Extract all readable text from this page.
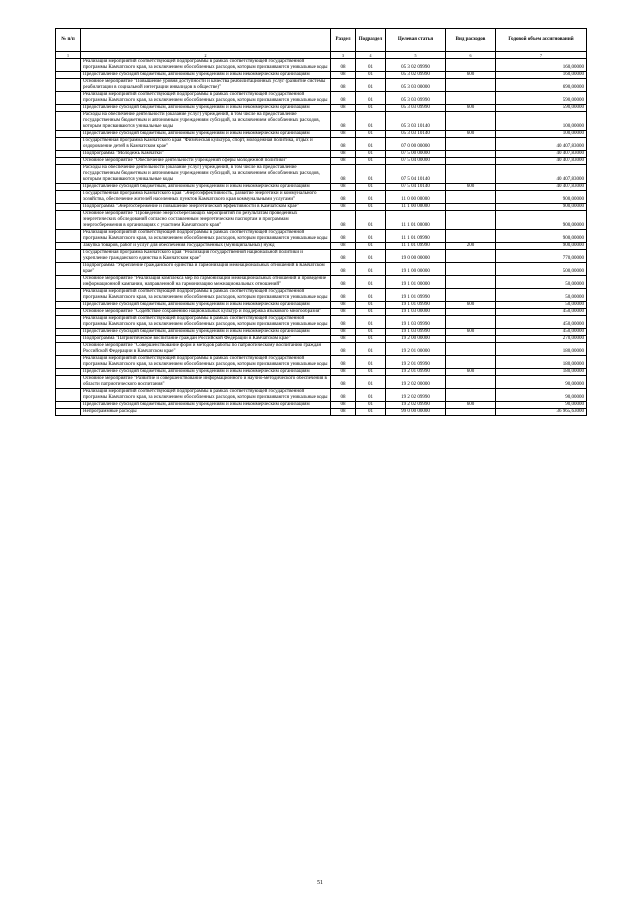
№ п/п		Раздел	Подраздел	Целевая статья	Вид расходов	Годовой объем ассигнований
1	2	3	4	5	6	7
	Реализация мероприятий соответствующей подпрограммы в рамках соответствующей государственной программы Камчатского края, за исключением обособленных расходов, которым присваиваются уникальные коды	08	01	05 3 02 09990		160,00000
	Предоставление субсидий бюджетным, автономным учреждениям и иным некоммерческим организациям	08	01	05 3 02 09990	600	160,00000
	Основное мероприятие "Повышение уровня доступности и качества реабилитационных услуг (развитие системы реабилитации в социальной интеграции инвалидов в обществе)"	08	01	05 3 03 00000		690,00000
	Реализация мероприятий соответствующей подпрограммы в рамках соответствующей государственной программы Камчатского края, за исключением обособленных расходов, которым присваиваются уникальные коды	08	01	05 3 03 09990		590,00000
	Предоставление субсидий бюджетным, автономным учреждениям и иным некоммерческим организациям	08	01	05 3 03 09990	600	590,00000
	Расходы на обеспечение деятельности (оказание услуг) учреждений, в том числе на предоставление государственным бюджетным и автономным учреждениям субсидий, за исключением обособленных расходов, которым присваиваются уникальные коды	08	01	05 3 03 10140		100,00000
	Предоставление субсидий бюджетным, автономным учреждениям и иным некоммерческим организациям	08	01	05 3 03 10140	600	100,00000
	Государственная программа Камчатского края "Физическая культура, спорт, молодежная политика, отдых и оздоровление детей в Камчатском крае"	08	01	07 0 00 00000		40 407,83000
	Подпрограмма "Молодежь Камчатки"	08	01	07 5 00 00000		40 407,83000
	Основное мероприятие "Обеспечение деятельности учреждений сферы молодежной политики"	08	01	07 5 04 00000		40 407,83000
	Расходы на обеспечение деятельности (оказание услуг) учреждений, в том числе на предоставление государственным бюджетным и автономным учреждениям субсидий, за исключением обособленных расходов, которым присваиваются уникальные коды	08	01	07 5 04 10140		40 407,83000
	Предоставление субсидий бюджетным, автономным учреждениям и иным некоммерческим организациям	08	01	07 5 04 10140	600	40 407,83000
	Государственная программа Камчатского края "Энергоэффективность, развитие энергетики и коммунального хозяйства, обеспечение жителей населенных пунктов Камчатского края коммунальными услугами"	08	01	11 0 00 00000		900,00000
	Подпрограмма "Энергосбережение и повышение энергетической эффективности в Камчатском крае"	08	01	11 1 00 00000		900,00000
	Основное мероприятие "Проведение энергосберегающих мероприятий по результатам проведенных энергетических обследований согласно составленным энергетическим паспортам и программам энергосбережения в организациях с участием Камчатского края"	08	01	11 1 01 00000		900,00000
	Реализация мероприятий соответствующей подпрограммы в рамках соответствующей государственной программы Камчатского края, за исключением обособленных расходов, которым присваиваются уникальные коды	08	01	11 1 01 09990		900,00000
	Закупка товаров, работ и услуг для обеспечения государственных (муниципальных) нужд	08	01	11 1 01 09990	200	900,00000
	Государственная программа Камчатского края "Реализация государственной национальной политики и укрепление гражданского единства в Камчатском крае"	08	01	19 0 00 00000		770,00000
	Подпрограмма "Укрепление гражданского единства и гармонизация межнациональных отношений в Камчатском крае"	08	01	19 1 00 00000		500,00000
	Основное мероприятие "Реализация комплекса мер по гармонизации межнациональных отношений и проведение информационной кампании, направленной на гармонизацию межнациональных отношений"	08	01	19 1 01 00000		50,00000
	Реализация мероприятий соответствующей подпрограммы в рамках соответствующей государственной программы Камчатского края, за исключением обособленных расходов, которым присваиваются уникальные коды	08	01	19 1 01 09990		50,00000
	Предоставление субсидий бюджетным, автономным учреждениям и иным некоммерческим организациям	08	01	19 1 01 09990	600	50,00000
	Основное мероприятие "Содействие сохранению национальных культур и поддержка языкового многообразия"	08	01	19 1 03 00000		450,00000
	Реализация мероприятий соответствующей подпрограммы в рамках соответствующей государственной программы Камчатского края, за исключением обособленных расходов, которым присваиваются уникальные коды	08	01	19 1 03 09990		450,00000
	Предоставление субсидий бюджетным, автономным учреждениям и иным некоммерческим организациям	08	01	19 1 03 09990	600	450,00000
	Подпрограмма "Патриотическое воспитание граждан Российской Федерации в Камчатском крае"	08	01	19 2 00 00000		270,00000
	Основное мероприятие "Совершенствование форм и методов работы по патриотическому воспитанию граждан Российской Федерации в Камчатском крае"	08	01	19 2 01 00000		180,00000
	Реализация мероприятий соответствующей подпрограммы в рамках соответствующей государственной программы Камчатского края, за исключением обособленных расходов, которым присваиваются уникальные коды	08	01	19 2 01 09990		180,00000
	Предоставление субсидий бюджетным, автономным учреждениям и иным некоммерческим организациям	08	01	19 2 01 09990	600	180,00000
	Основное мероприятие "Развитие и совершенствование информационного и научно-методического обеспечения в области патриотического воспитания"	08	01	19 2 02 00000		90,00000
	Реализация мероприятий соответствующей подпрограммы в рамках соответствующей государственной программы Камчатского края, за исключением обособленных расходов, которым присваиваются уникальные коды	08	01	19 2 02 09990		90,00000
	Предоставление субсидий бюджетным, автономным учреждениям и иным некоммерческим организациям	08	01	19 2 02 09990	600	90,00000
	Непрограммные расходы	08	01	99 0 00 00000		36 965,63000
51
